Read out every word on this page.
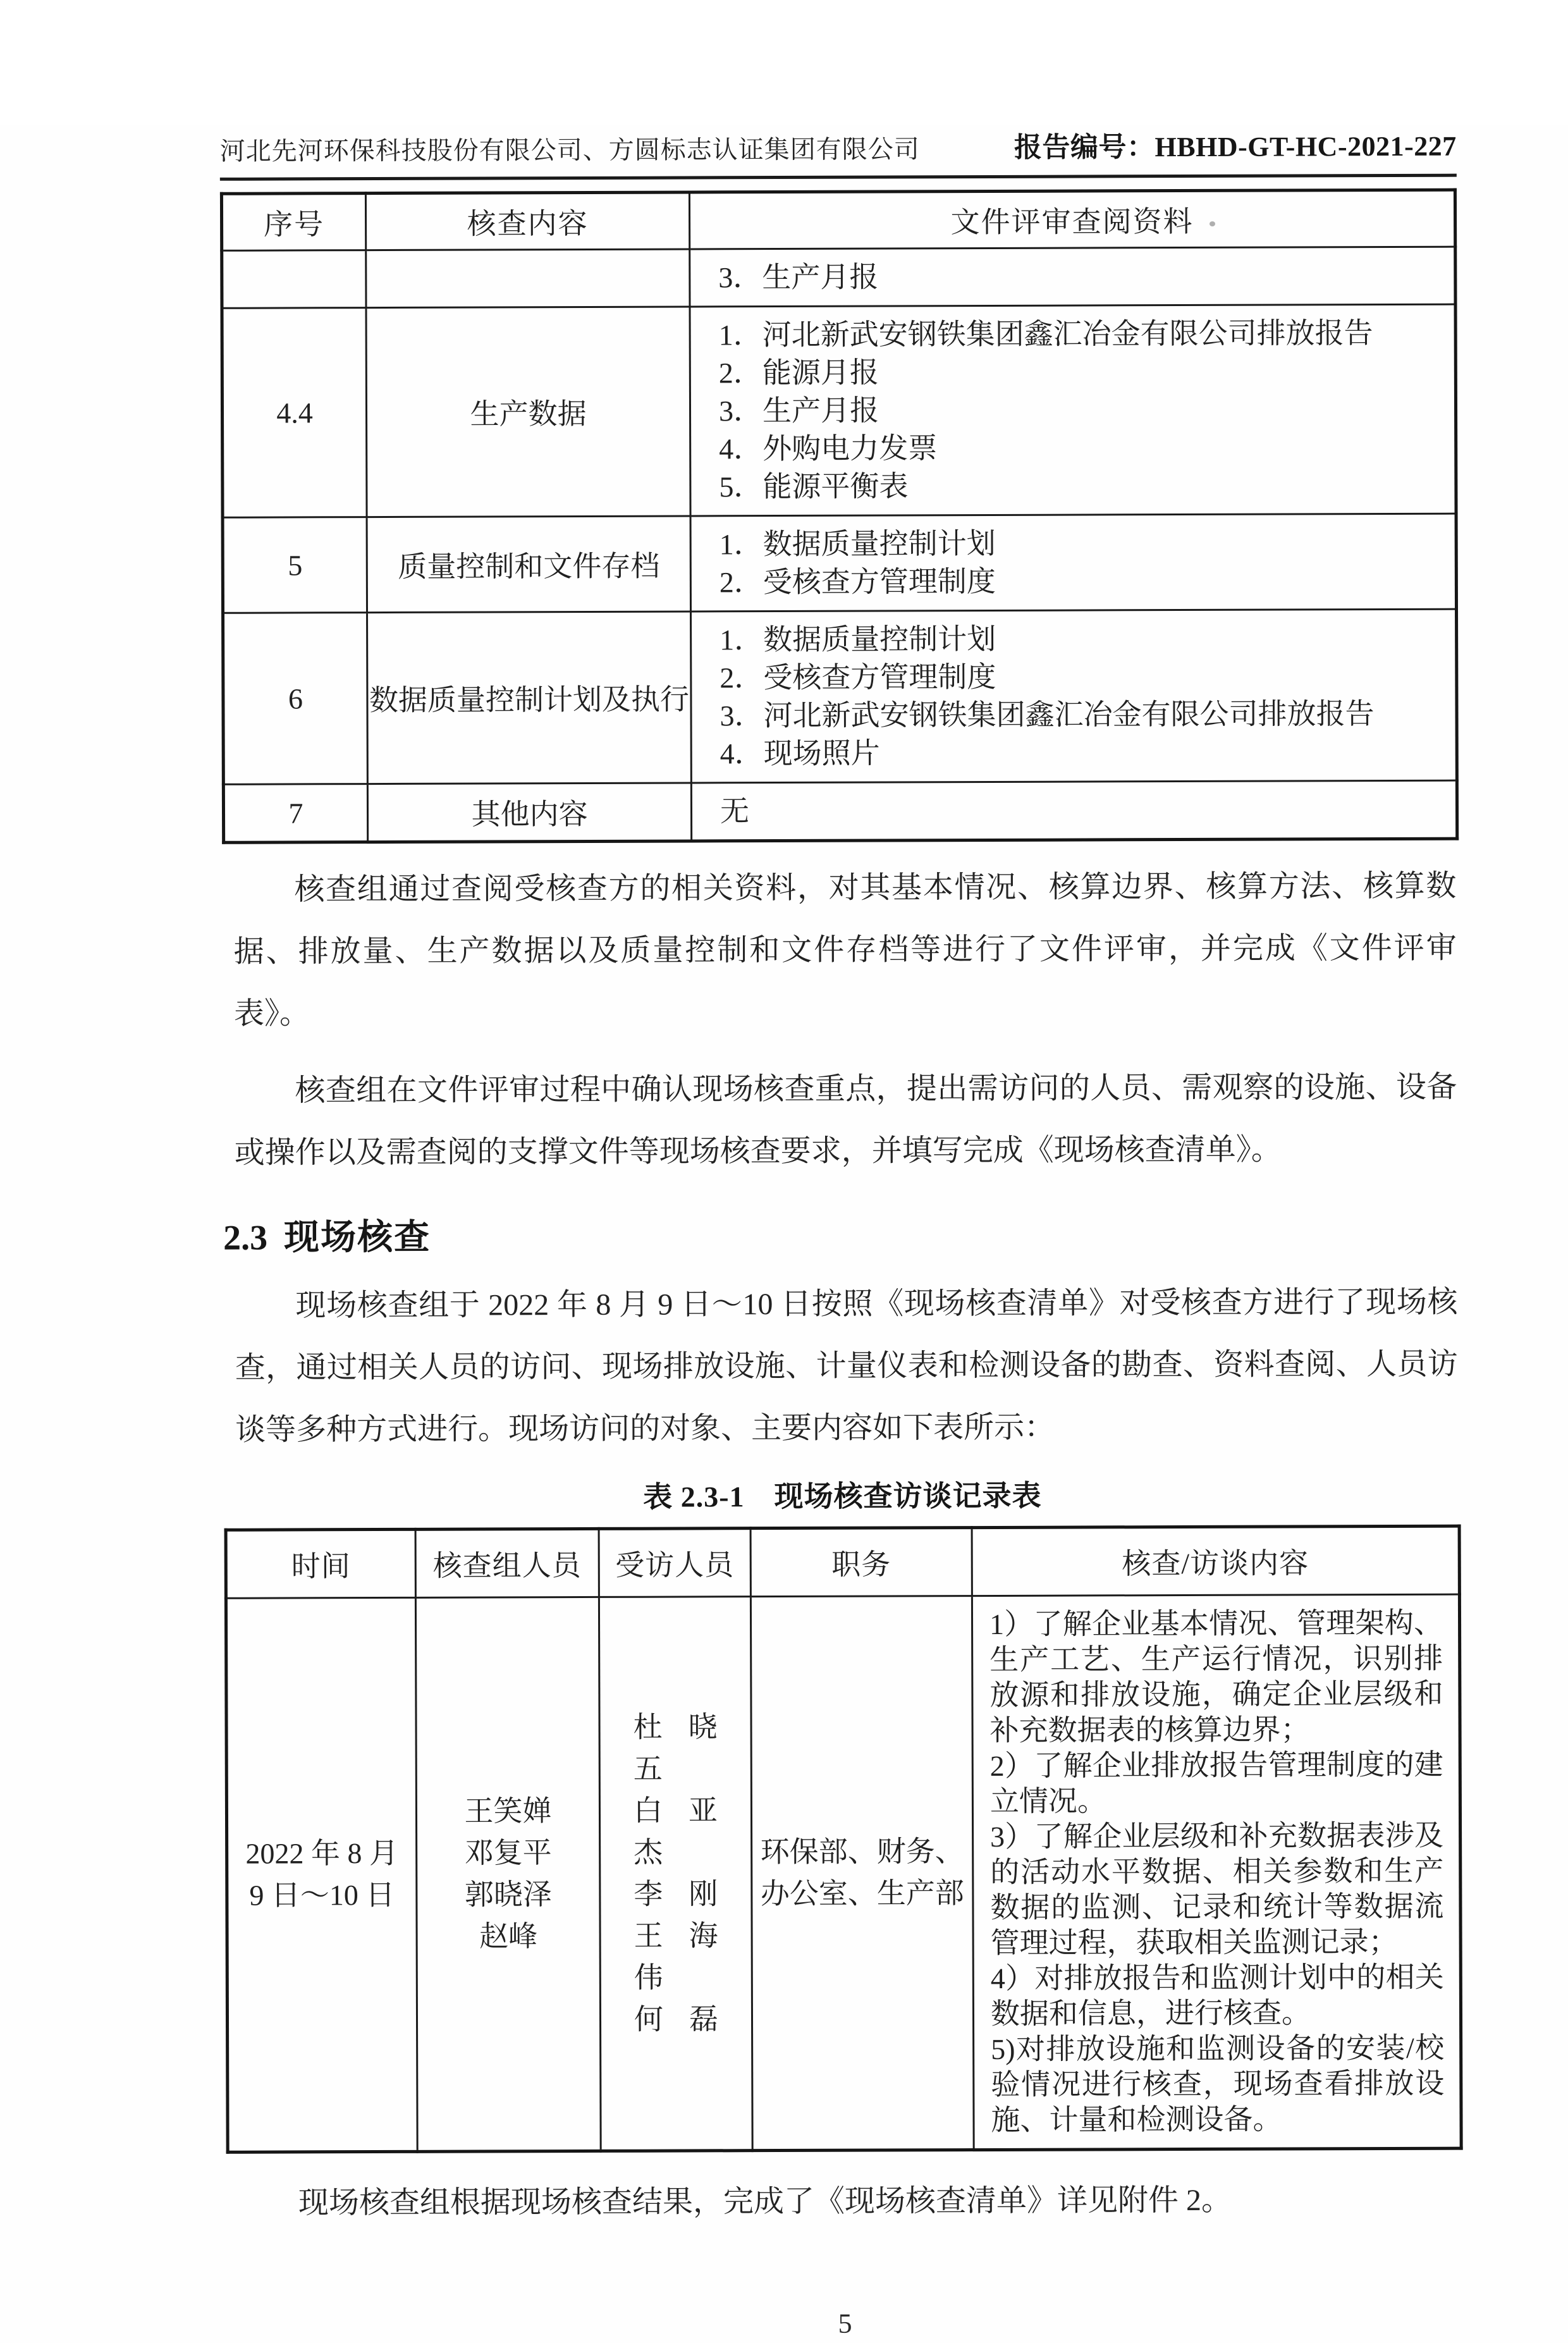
河北先河环保科技股份有限公司、方圆标志认证集团有限公司	报告编号：HBHD-GT-HC-2021-227
序号	核查内容	文件评审查阅资料
		3．生产月报
4.4	生产数据	1．河北新武安钢铁集团鑫汇冶金有限公司排放报告
2．能源月报
3．生产月报
4．外购电力发票
5．能源平衡表
5	质量控制和文件存档	1．数据质量控制计划
2．受核查方管理制度
6	数据质量控制计划及执行	1．数据质量控制计划
2．受核查方管理制度
3．河北新武安钢铁集团鑫汇冶金有限公司排放报告
4．现场照片
7	其他内容	无

核查组通过查阅受核查方的相关资料，对其基本情况、核算边界、核算方法、核算数据、排放量、生产数据以及质量控制和文件存档等进行了文件评审，并完成《文件评审表》。

核查组在文件评审过程中确认现场核查重点，提出需访问的人员、需观察的设施、设备或操作以及需查阅的支撑文件等现场核查要求，并填写完成《现场核查清单》。

2.3 现场核查

现场核查组于 2022 年 8 月 9 日～10 日按照《现场核查清单》对受核查方进行了现场核查，通过相关人员的访问、现场排放设施、计量仪表和检测设备的勘查、资料查阅、人员访谈等多种方式进行。现场访问的对象、主要内容如下表所示：

表 2.3-1　现场核查访谈记录表
时间	核查组人员	受访人员	职务	核查/访谈内容
2022 年 8 月
9 日～10 日	王笑婵
邓复平
郭晓泽
赵峰	杜晓五
白亚杰
李刚
王海伟
何磊	环保部、财务、
办公室、生产部	1）了解企业基本情况、管理架构、生产工艺、生产运行情况，识别排放源和排放设施，确定企业层级和补充数据表的核算边界；
2）了解企业排放报告管理制度的建立情况。
3）了解企业层级和补充数据表涉及的活动水平数据、相关参数和生产数据的监测、记录和统计等数据流管理过程，获取相关监测记录；
4）对排放报告和监测计划中的相关数据和信息，进行核查。
5)对排放设施和监测设备的安装/校验情况进行核查，现场查看排放设施、计量和检测设备。

现场核查组根据现场核查结果，完成了《现场核查清单》详见附件 2。

5
